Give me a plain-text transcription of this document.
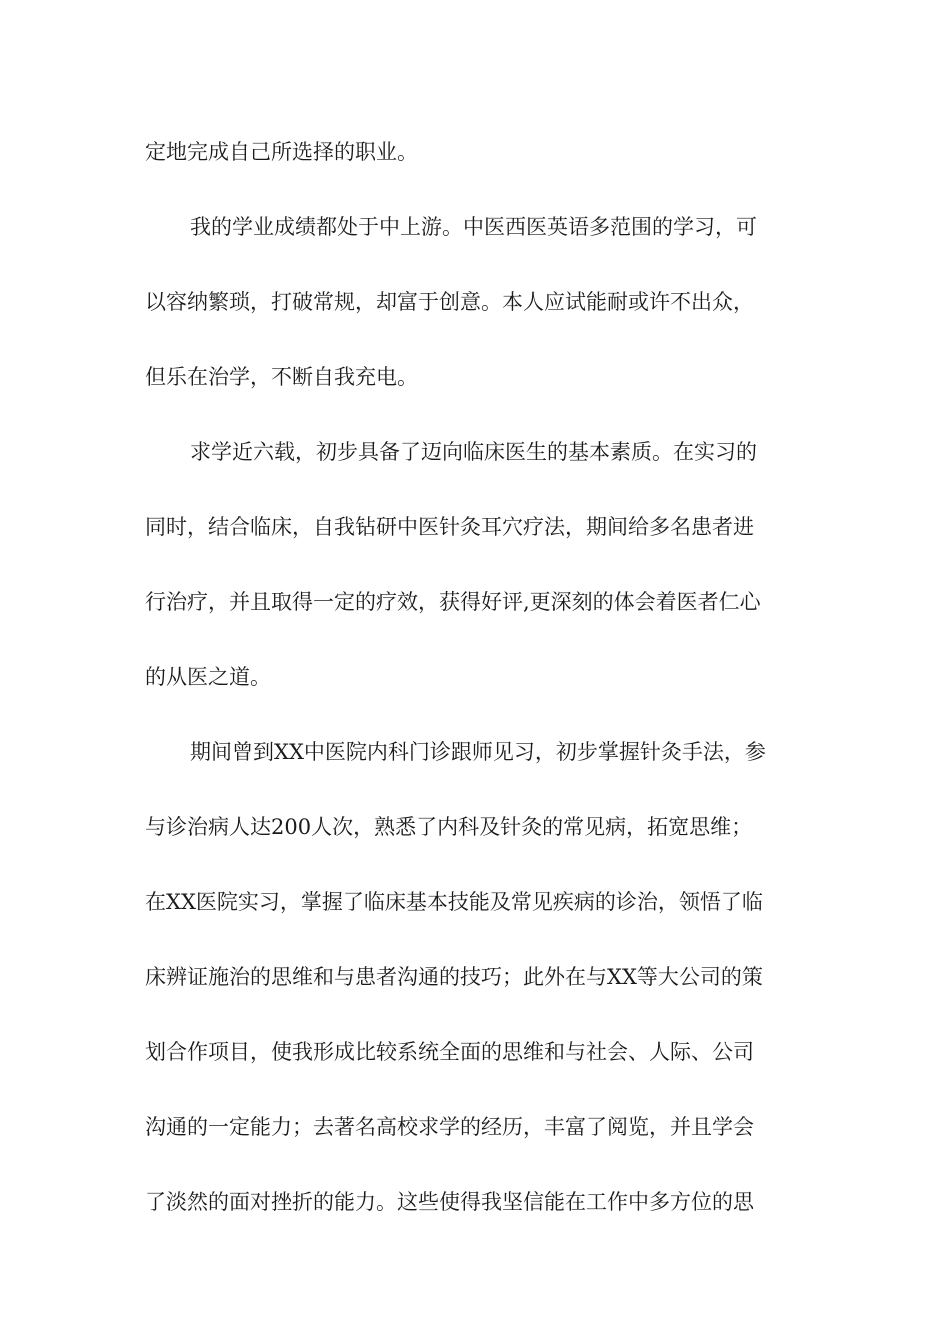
定地完成自己所选择的职业。
我的学业成绩都处于中上游。中医西医英语多范围的学习，可
以容纳繁琐，打破常规，却富于创意。本人应试能耐或许不出众，
但乐在治学，不断自我充电。
求学近六载，初步具备了迈向临床医生的基本素质。在实习的
同时，结合临床，自我钻研中医针灸耳穴疗法，期间给多名患者进
行治疗，并且取得一定的疗效，获得好评,更深刻的体会着医者仁心
的从医之道。
期间曾到XX中医院内科门诊跟师见习，初步掌握针灸手法，参
与诊治病人达200人次，熟悉了内科及针灸的常见病，拓宽思维；
在XX医院实习，掌握了临床基本技能及常见疾病的诊治，领悟了临
床辨证施治的思维和与患者沟通的技巧；此外在与XX等大公司的策
划合作项目，使我形成比较系统全面的思维和与社会、人际、公司
沟通的一定能力；去著名高校求学的经历，丰富了阅览，并且学会
了淡然的面对挫折的能力。这些使得我坚信能在工作中多方位的思
